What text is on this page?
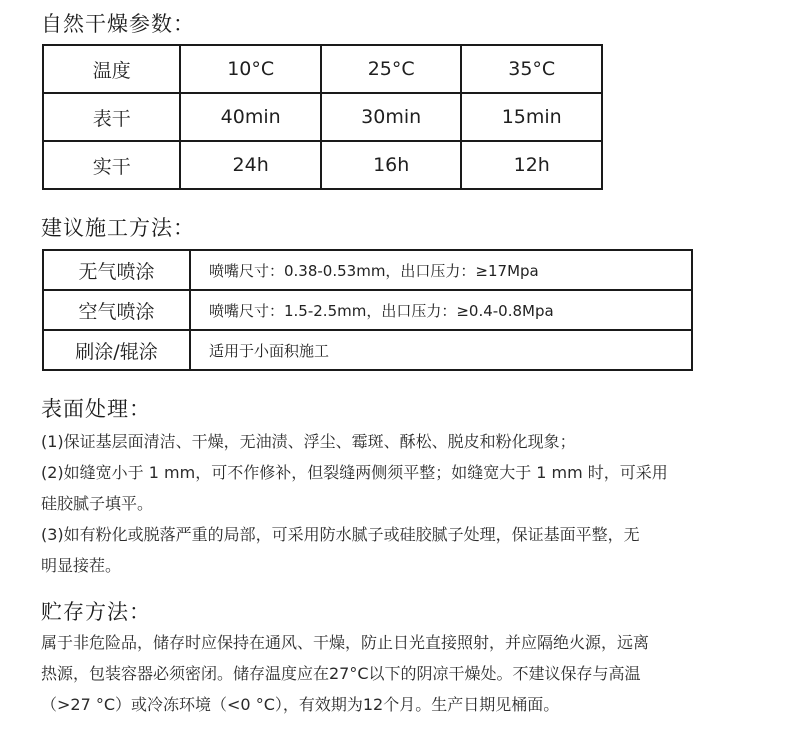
自然干燥参数：
温度	10°C	25°C	35°C
表干	40min	30min	15min
实干	24h	16h	12h
建议施工方法：
无气喷涂	喷嘴尺寸：0.38-0.53mm，出口压力：≥17Mpa
空气喷涂	喷嘴尺寸：1.5-2.5mm，出口压力：≥0.4-0.8Mpa
刷涂/辊涂	适用于小面积施工
表面处理：
(1)保证基层面清洁、干燥，无油渍、浮尘、霉斑、酥松、脱皮和粉化现象；
(2)如缝宽小于 1 mm，可不作修补，但裂缝两侧须平整；如缝宽大于 1 mm 时，可采用
硅胶腻子填平。
(3)如有粉化或脱落严重的局部，可采用防水腻子或硅胶腻子处理，保证基面平整，无
明显接茬。
贮存方法：
属于非危险品，储存时应保持在通风、干燥，防止日光直接照射，并应隔绝火源，远离
热源，包装容器必须密闭。储存温度应在27°C以下的阴凉干燥处。不建议保存与高温
（>27 °C）或冷冻环境（<0 °C），有效期为12个月。生产日期见桶面。
